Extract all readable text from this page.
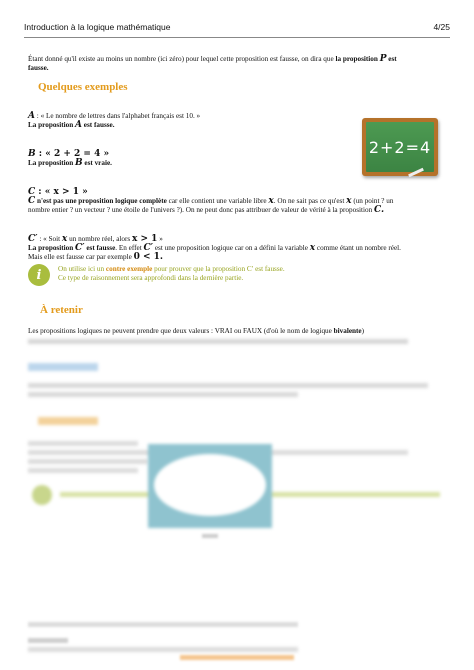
Introduction à la logique mathématique	4/25
Étant donné qu'il existe au moins un nombre (ici zéro) pour lequel cette proposition est fausse, on dira que la proposition P est
fausse.
Quelques exemples
A : « Le nombre de lettres dans l'alphabet français est 10. »
La proposition A est fausse.
B : « 2 + 2 = 4 »
La proposition B est vraie.
C : « x > 1 »
C n'est pas une proposition logique complète car elle contient une variable libre x. On ne sait pas ce qu'est x (un point ? un
nombre entier ? un vecteur ? une étoile de l'univers ?). On ne peut donc pas attribuer de valeur de vérité à la proposition C.
C′ : « Soit x un nombre réel, alors x > 1 »
La proposition C′ est fausse. En effet C′ est une proposition logique car on a défini la variable x comme étant un nombre réel.
Mais elle est fausse car par exemple 0 < 1.
i	On utilise ici un contre exemple pour prouver que la proposition C′ est fausse.
Ce type de raisonnement sera approfondi dans la dernière partie.
À retenir
Les propositions logiques ne peuvent prendre que deux valeurs : VRAI ou FAUX (d'où le nom de logique bivalente)
2+2=4
